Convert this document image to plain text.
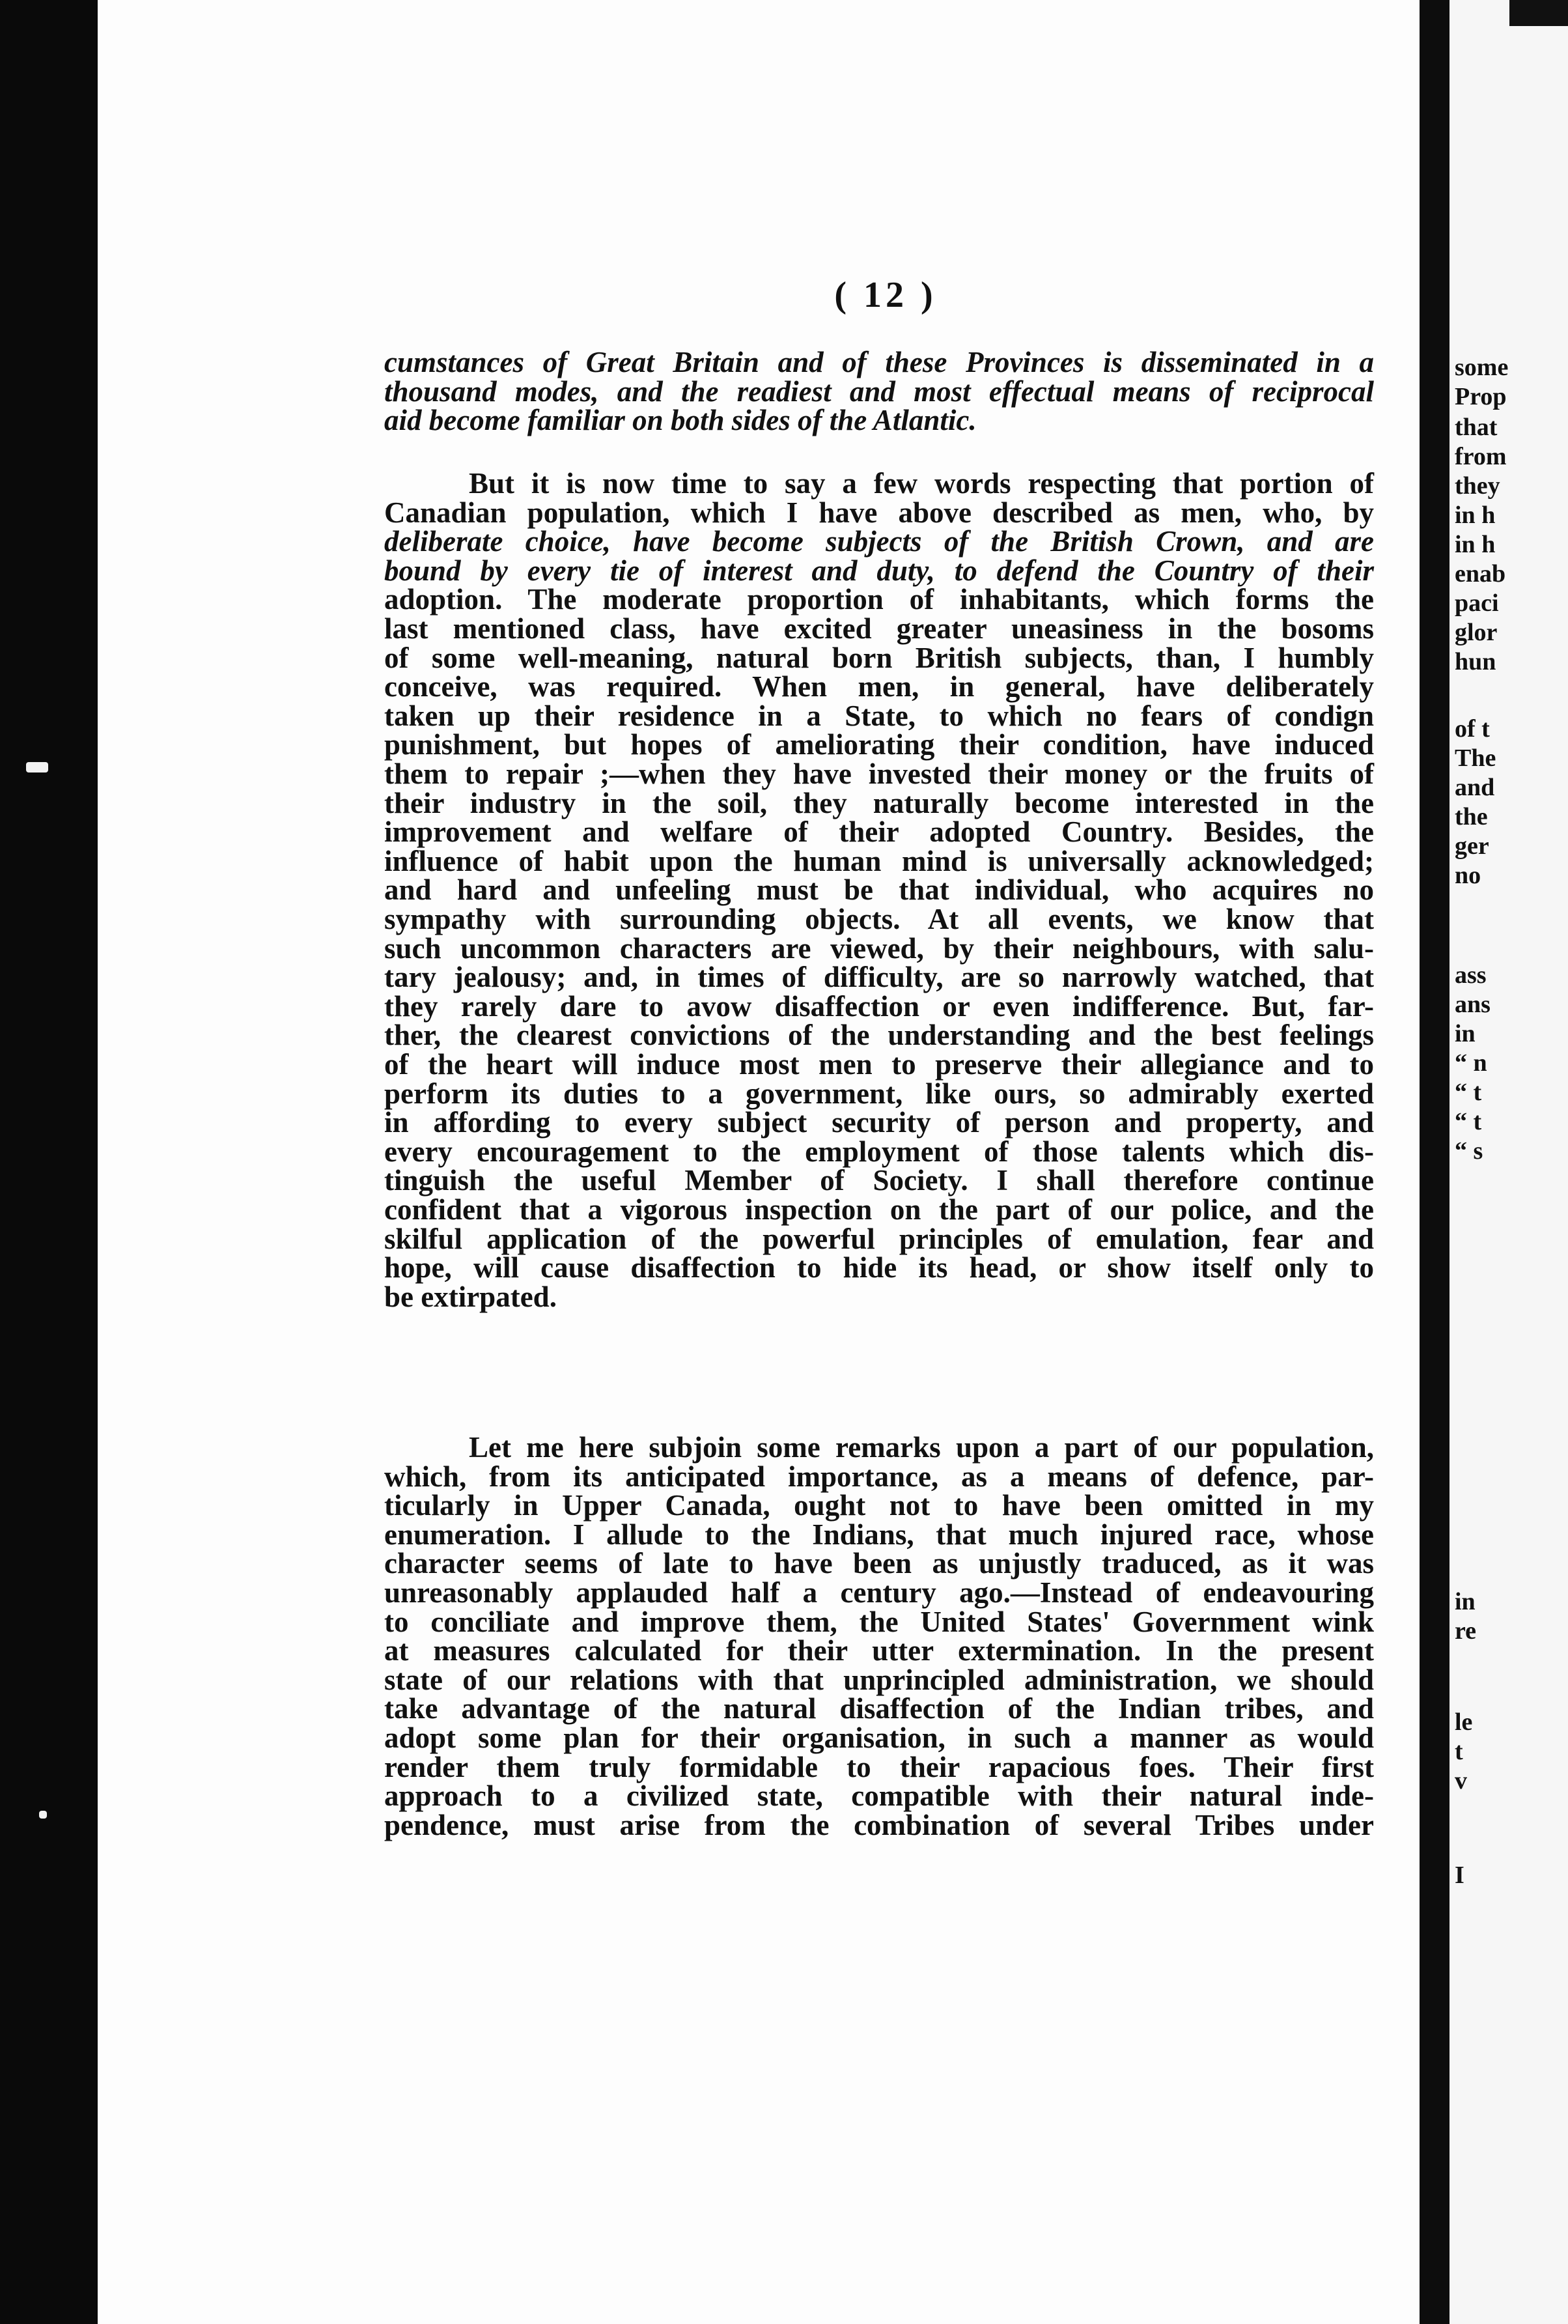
some
Prop
that
from
they
in h
in h
enab
paci
glor
hun
of t
The
and
the
ger
no
ass
ans
in
“ n
“ t
“ t
“ s
in
re
le
t
v
I
( 12 )
cumstances of Great Britain and of these Provinces is disseminated in a
thousand modes, and the readiest and most effectual means of reciprocal
aid become familiar on both sides of the Atlantic.
But it is now time to say a few words respecting that portion of
Canadian population, which I have above described as men, who, by
deliberate choice, have become subjects of the British Crown, and are
bound by every tie of interest and duty, to defend the Country of their
adoption. The moderate proportion of inhabitants, which forms the
last mentioned class, have excited greater uneasiness in the bosoms
of some well-meaning, natural born British subjects, than, I humbly
conceive, was required. When men, in general, have deliberately
taken up their residence in a State, to which no fears of condign
punishment, but hopes of ameliorating their condition, have induced
them to repair ;—when they have invested their money or the fruits of
their industry in the soil, they naturally become interested in the
improvement and welfare of their adopted Country. Besides, the
influence of habit upon the human mind is universally acknowledged;
and hard and unfeeling must be that individual, who acquires no
sympathy with surrounding objects. At all events, we know that
such uncommon characters are viewed, by their neighbours, with salu-
tary jealousy; and, in times of difficulty, are so narrowly watched, that
they rarely dare to avow disaffection or even indifference. But, far-
ther, the clearest convictions of the understanding and the best feelings
of the heart will induce most men to preserve their allegiance and to
perform its duties to a government, like ours, so admirably exerted
in affording to every subject security of person and property, and
every encouragement to the employment of those talents which dis-
tinguish the useful Member of Society. I shall therefore continue
confident that a vigorous inspection on the part of our police, and the
skilful application of the powerful principles of emulation, fear and
hope, will cause disaffection to hide its head, or show itself only to
be extirpated.
Let me here subjoin some remarks upon a part of our population,
which, from its anticipated importance, as a means of defence, par-
ticularly in Upper Canada, ought not to have been omitted in my
enumeration. I allude to the Indians, that much injured race, whose
character seems of late to have been as unjustly traduced, as it was
unreasonably applauded half a century ago.—Instead of endeavouring
to conciliate and improve them, the United States' Government wink
at measures calculated for their utter extermination. In the present
state of our relations with that unprincipled administration, we should
take advantage of the natural disaffection of the Indian tribes, and
adopt some plan for their organisation, in such a manner as would
render them truly formidable to their rapacious foes. Their first
approach to a civilized state, compatible with their natural inde-
pendence, must arise from the combination of several Tribes under
